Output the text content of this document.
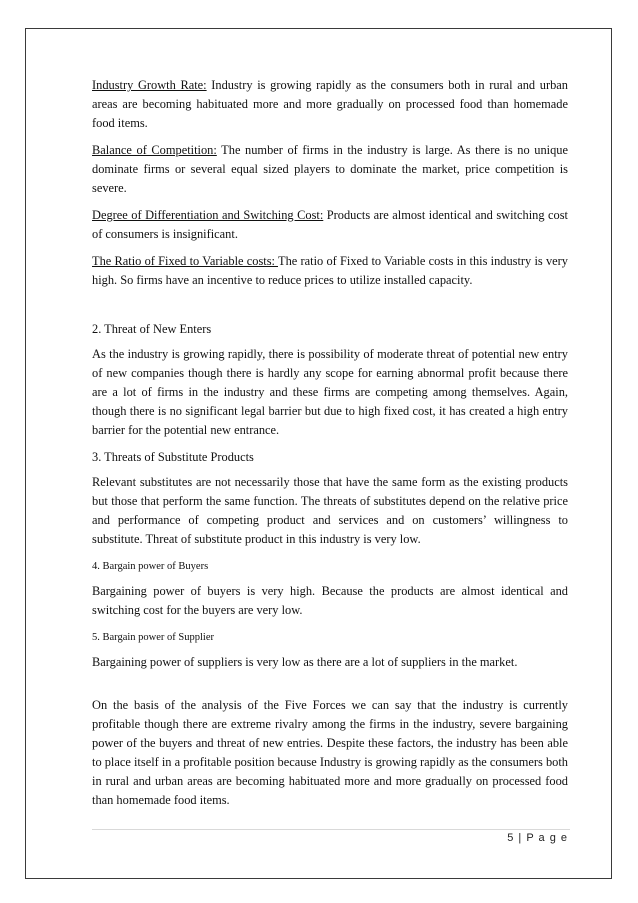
Industry Growth Rate: Industry is growing rapidly as the consumers both in rural and urban areas are becoming habituated more and more gradually on processed food than homemade food items.

Balance of Competition: The number of firms in the industry is large. As there is no unique dominate firms or several equal sized players to dominate the market, price competition is severe.

Degree of Differentiation and Switching Cost: Products are almost identical and switching cost of consumers is insignificant.

The Ratio of Fixed to Variable costs: The ratio of Fixed to Variable costs in this industry is very high. So firms have an incentive to reduce prices to utilize installed capacity.

2. Threat of New Enters

As the industry is growing rapidly, there is possibility of moderate threat of potential new entry of new companies though there is hardly any scope for earning abnormal profit because there are a lot of firms in the industry and these firms are competing among themselves. Again, though there is no significant legal barrier but due to high fixed cost, it has created a high entry barrier for the potential new entrance.

3. Threats of Substitute Products

Relevant substitutes are not necessarily those that have the same form as the existing products but those that perform the same function. The threats of substitutes depend on the relative price and performance of competing product and services and on customers’ willingness to substitute. Threat of substitute product in this industry is very low.

4. Bargain power of Buyers

Bargaining power of buyers is very high. Because the products are almost identical and switching cost for the buyers are very low.

5. Bargain power of Supplier

Bargaining power of suppliers is very low as there are a lot of suppliers in the market.

On the basis of the analysis of the Five Forces we can say that the industry is currently profitable though there are extreme rivalry among the firms in the industry, severe bargaining power of the buyers and threat of new entries. Despite these factors, the industry has been able to place itself in a profitable position because Industry is growing rapidly as the consumers both in rural and urban areas are becoming habituated more and more gradually on processed food than homemade food items.

5 | P a g e
